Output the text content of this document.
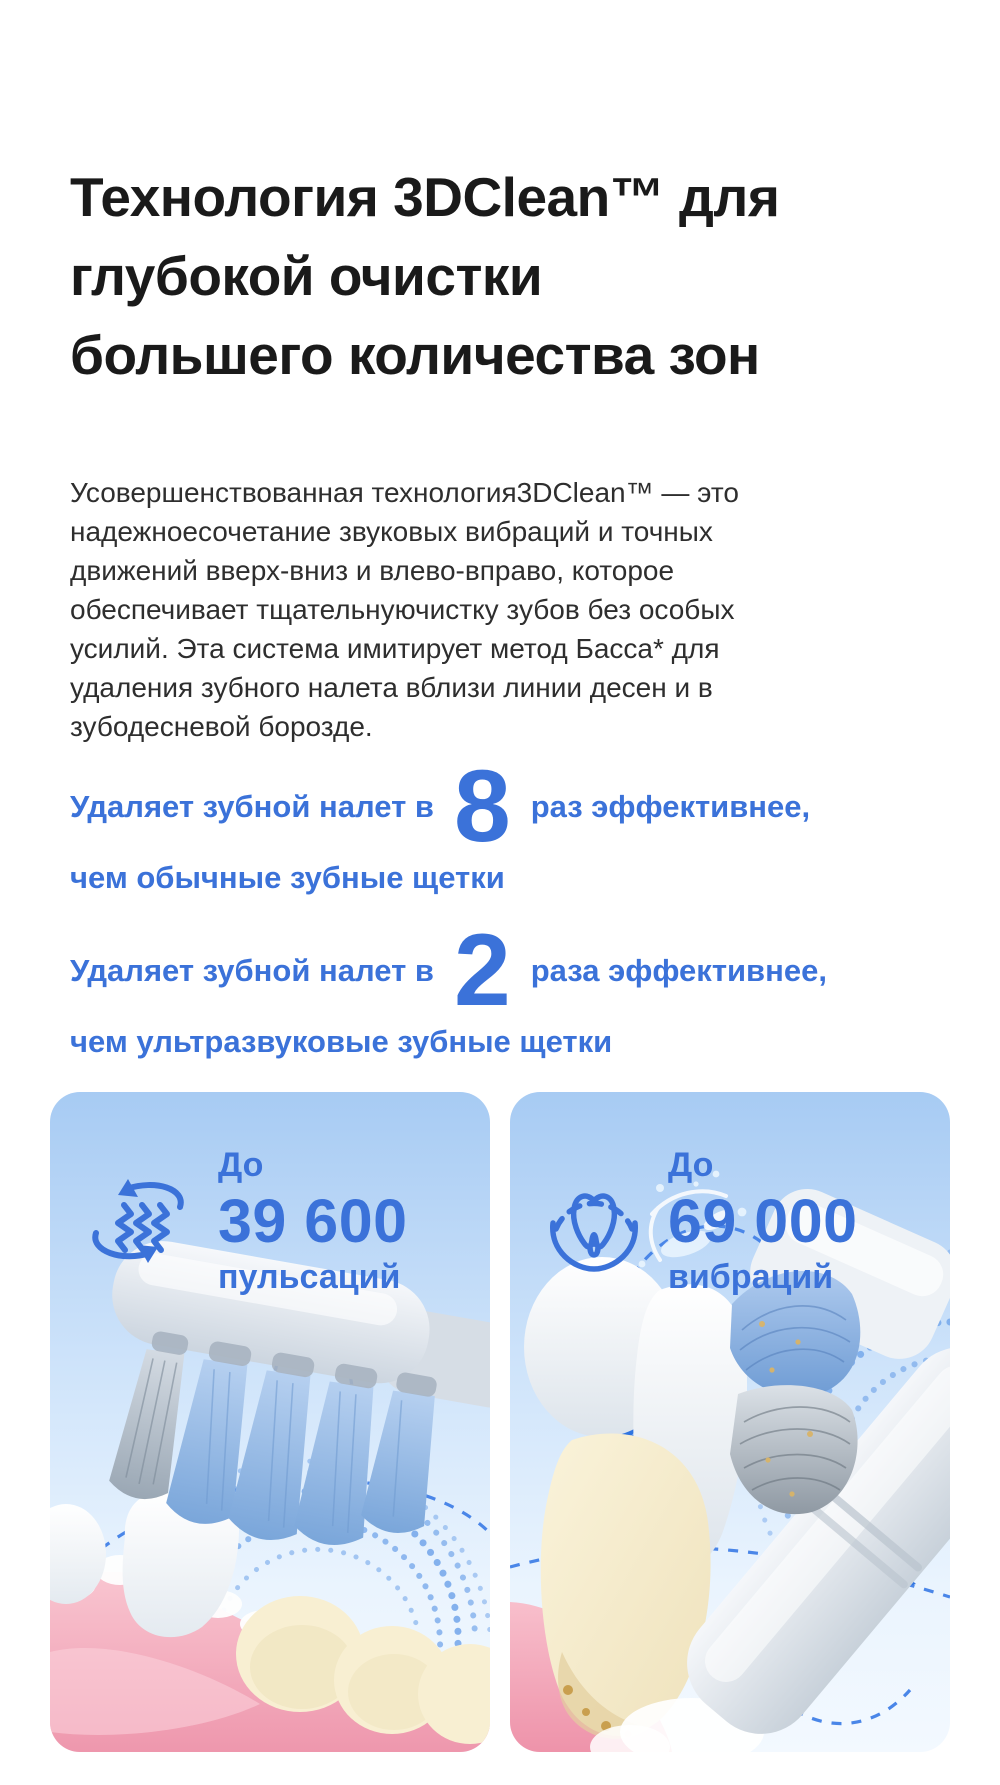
Технология 3DClean™ для
глубокой очистки
большего количества зон

Усовершенствованная технология3DClean™ — это надежноесочетание звуковых вибраций и точных движений вверх-вниз и влево-вправо, которое обеспечивает тщательнуючистку зубов без особых усилий. Эта система имитирует метод Басса* для удаления зубного налета вблизи линии десен и в зубодесневой борозде.

Удаляет зубной налет в 8 раз эффективнее,
чем обычные зубные щетки
Удаляет зубной налет в 2 раза эффективнее,
чем ультразвуковые зубные щетки
До
39 600
пульсаций
До
69 000
вибраций
